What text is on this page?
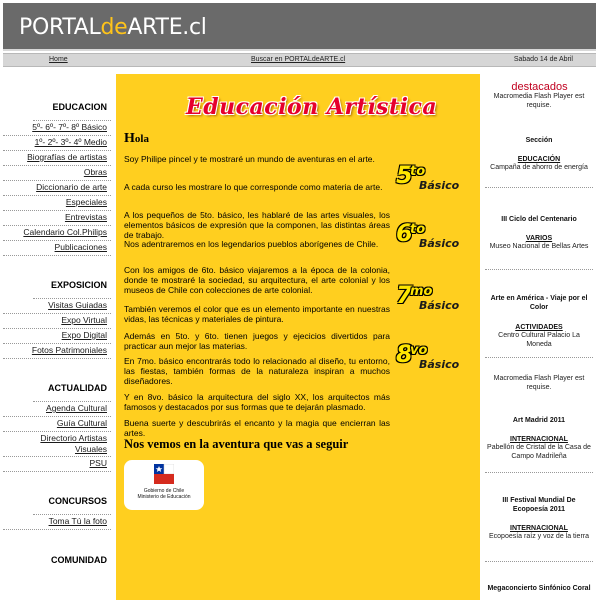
PORTALdeARTE.cl
Home	Buscar en PORTALdeARTE.cl	Sabado 14 de Abril
EDUCACION
5º- 6º- 7º- 8º Básico
1º- 2º- 3º- 4º Medio
Biografías de artistas
Obras
Diccionario de arte
Especiales
Entrevistas
Calendario Col.Philips
Publicaciones
EXPOSICION
Visitas Guiadas
Expo Virtual
Expo Digital
Fotos Patrimoniales
ACTUALIDAD
Agenda Cultural
Guía Cultural
Directorio Artistas Visuales
PSU
CONCURSOS
Toma Tú la foto
COMUNIDAD
Educación Artística
Hola

Soy Philipe pincel y te mostraré un mundo de aventuras en el arte.

A cada curso les mostrare lo que corresponde como materia de arte.

A los pequeños de 5to. básico, les hablaré de las artes visuales, los elementos básicos de expresión que la componen, las distintas áreas de trabajo.

Nos adentraremos en los legendarios pueblos aborígenes de Chile.

Con los amigos de 6to. básico viajaremos a la época de la colonia, donde te mostraré la sociedad, su arquitectura, el arte colonial y los museos de Chile con colecciones de arte colonial.

También veremos el color que es un elemento importante en nuestras vidas, las técnicas y materiales de pintura.

Además en 5to. y 6to. tienen juegos y ejecicios divertidos para practicar aun mejor las materias.

En 7mo. básico encontrarás todo lo relacionado al diseño, tu entorno, las fiestas, también formas de la naturaleza inspiran a muchos diseñadores.

Y en 8vo. básico la arquitectura del siglo XX, los arquitectos más famosos y destacados por sus formas que te dejarán plasmado.

Buena suerte y descubrirás el encanto y la magia que encierran las artes.

Nos vemos en la aventura que vas a seguir
5
to
Básico
6
to
Básico
7
mo
Básico
8
vo
Básico
Gobierno de Chile
Ministerio de Educación
destacados
Macromedia Flash Player est requise.
Sección
EDUCACIÓN
Campaña de ahorro de energía
III Ciclo del Centenario
VARIOS
Museo Nacional de Bellas Artes
Arte en América - Viaje por el Color
ACTIVIDADES
Centro Cultural Palacio La Moneda
Macromedia Flash Player est requise.
Art Madrid 2011
INTERNACIONAL
Pabellón de Cristal de la Casa de Campo Madrileña
III Festival Mundial De Ecopoesía 2011
INTERNACIONAL
Ecopoesía raíz y voz de la tierra
Megaconcierto Sinfónico Coral
